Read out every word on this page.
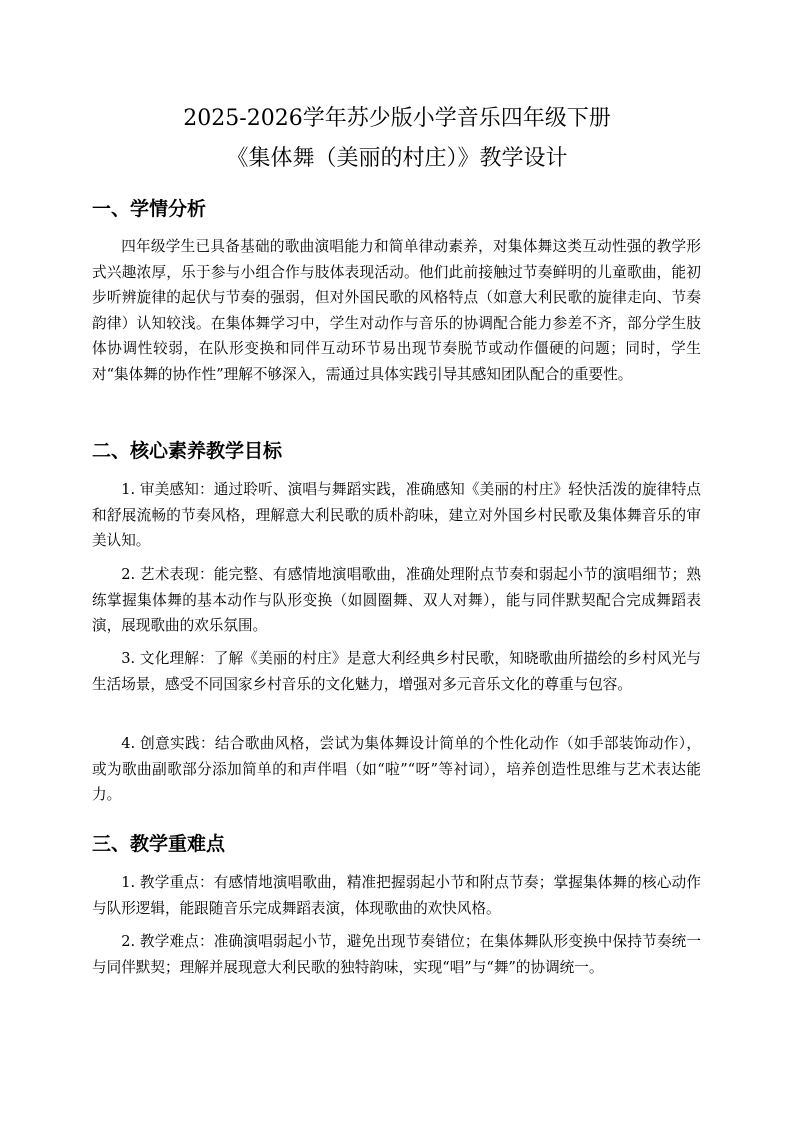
2025-2026学年苏少版小学音乐四年级下册
《集体舞（美丽的村庄）》教学设计
一、学情分析

四年级学生已具备基础的歌曲演唱能力和简单律动素养，对集体舞这类互动性强的教学形式兴趣浓厚，乐于参与小组合作与肢体表现活动。他们此前接触过节奏鲜明的儿童歌曲，能初步听辨旋律的起伏与节奏的强弱，但对外国民歌的风格特点（如意大利民歌的旋律走向、节奏韵律）认知较浅。在集体舞学习中，学生对动作与音乐的协调配合能力参差不齐，部分学生肢体协调性较弱，在队形变换和同伴互动环节易出现节奏脱节或动作僵硬的问题；同时，学生对“集体舞的协作性”理解不够深入，需通过具体实践引导其感知团队配合的重要性。

二、核心素养教学目标

1. 审美感知：通过聆听、演唱与舞蹈实践，准确感知《美丽的村庄》轻快活泼的旋律特点和舒展流畅的节奏风格，理解意大利民歌的质朴韵味，建立对外国乡村民歌及集体舞音乐的审美认知。

2. 艺术表现：能完整、有感情地演唱歌曲，准确处理附点节奏和弱起小节的演唱细节；熟练掌握集体舞的基本动作与队形变换（如圆圈舞、双人对舞），能与同伴默契配合完成舞蹈表演，展现歌曲的欢乐氛围。

3. 文化理解：了解《美丽的村庄》是意大利经典乡村民歌，知晓歌曲所描绘的乡村风光与生活场景，感受不同国家乡村音乐的文化魅力，增强对多元音乐文化的尊重与包容。

4. 创意实践：结合歌曲风格，尝试为集体舞设计简单的个性化动作（如手部装饰动作），或为歌曲副歌部分添加简单的和声伴唱（如“啦”“呀”等衬词），培养创造性思维与艺术表达能力。

三、教学重难点

1. 教学重点：有感情地演唱歌曲，精准把握弱起小节和附点节奏；掌握集体舞的核心动作与队形逻辑，能跟随音乐完成舞蹈表演，体现歌曲的欢快风格。

2. 教学难点：准确演唱弱起小节，避免出现节奏错位；在集体舞队形变换中保持节奏统一与同伴默契；理解并展现意大利民歌的独特韵味，实现“唱”与“舞”的协调统一。
